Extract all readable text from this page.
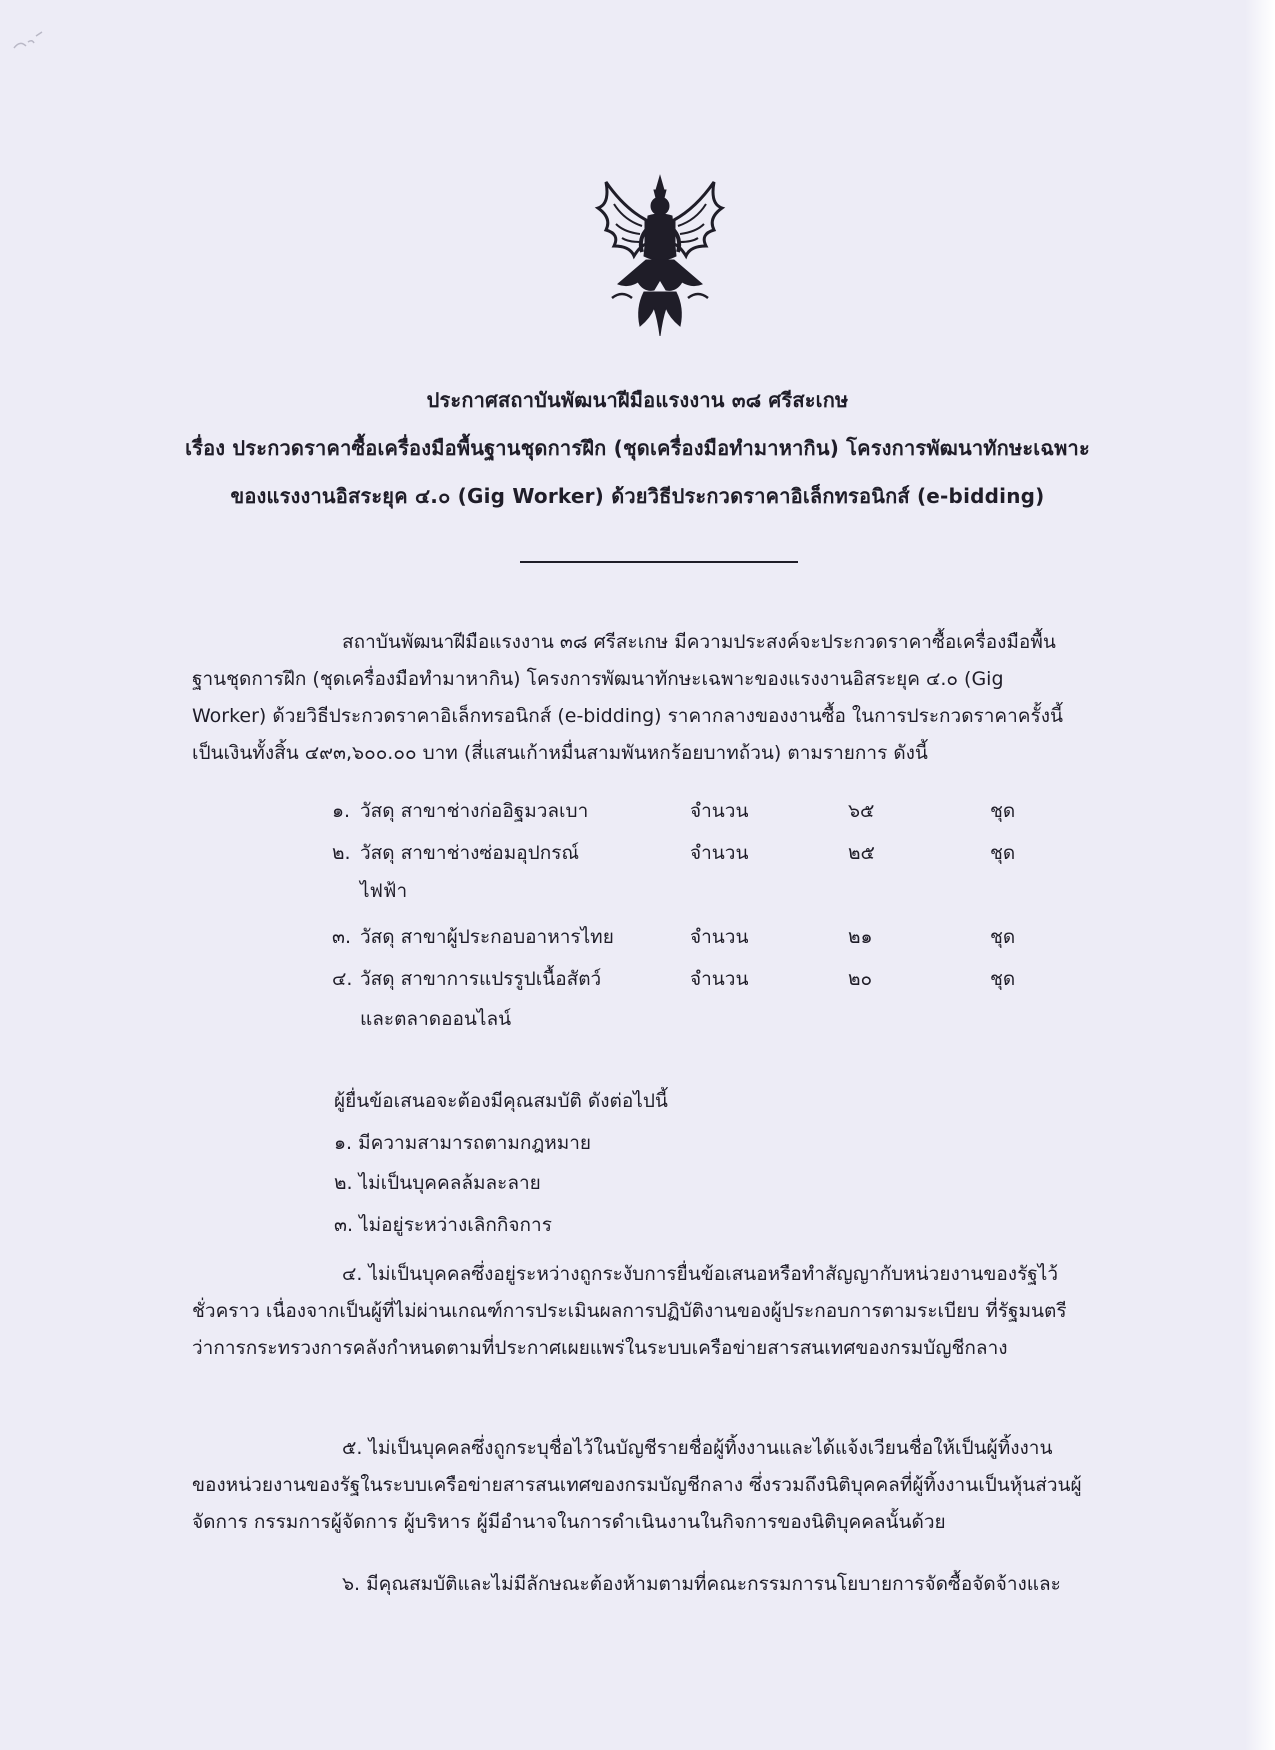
ประกาศสถาบันพัฒนาฝีมือแรงงาน ๓๘ ศรีสะเกษ
เรื่อง ประกวดราคาซื้อเครื่องมือพื้นฐานชุดการฝึก (ชุดเครื่องมือทำมาหากิน) โครงการพัฒนาทักษะเฉพาะ
ของแรงงานอิสระยุค ๔.๐ (Gig Worker) ด้วยวิธีประกวดราคาอิเล็กทรอนิกส์ (e-bidding)
สถาบันพัฒนาฝีมือแรงงาน ๓๘ ศรีสะเกษ มีความประสงค์จะประกวดราคาซื้อเครื่องมือพื้นฐานชุดการฝึก (ชุดเครื่องมือทำมาหากิน) โครงการพัฒนาทักษะเฉพาะของแรงงานอิสระยุค ๔.๐ (Gig Worker) ด้วยวิธีประกวดราคาอิเล็กทรอนิกส์ (e-bidding) ราคากลางของงานซื้อ ในการประกวดราคาครั้งนี้เป็นเงินทั้งสิ้น ๔๙๓,๖๐๐.๐๐ บาท (สี่แสนเก้าหมื่นสามพันหกร้อยบาทถ้วน) ตามรายการ ดังนี้
๑. วัสดุ สาขาช่างก่ออิฐมวลเบา	จำนวน	๖๕	ชุด
๒. วัสดุ สาขาช่างซ่อมอุปกรณ์	จำนวน	๒๕	ชุด
ไฟฟ้า
๓. วัสดุ สาขาผู้ประกอบอาหารไทย	จำนวน	๒๑	ชุด
๔. วัสดุ สาขาการแปรรูปเนื้อสัตว์	จำนวน	๒๐	ชุด
และตลาดออนไลน์
ผู้ยื่นข้อเสนอจะต้องมีคุณสมบัติ ดังต่อไปนี้
๑. มีความสามารถตามกฎหมาย
๒. ไม่เป็นบุคคลล้มละลาย
๓. ไม่อยู่ระหว่างเลิกกิจการ
๔. ไม่เป็นบุคคลซึ่งอยู่ระหว่างถูกระงับการยื่นข้อเสนอหรือทำสัญญากับหน่วยงานของรัฐไว้ชั่วคราว เนื่องจากเป็นผู้ที่ไม่ผ่านเกณฑ์การประเมินผลการปฏิบัติงานของผู้ประกอบการตามระเบียบ ที่รัฐมนตรีว่าการกระทรวงการคลังกำหนดตามที่ประกาศเผยแพร่ในระบบเครือข่ายสารสนเทศของกรมบัญชีกลาง
๕. ไม่เป็นบุคคลซึ่งถูกระบุชื่อไว้ในบัญชีรายชื่อผู้ทิ้งงานและได้แจ้งเวียนชื่อให้เป็นผู้ทิ้งงานของหน่วยงานของรัฐในระบบเครือข่ายสารสนเทศของกรมบัญชีกลาง ซึ่งรวมถึงนิติบุคคลที่ผู้ทิ้งงานเป็นหุ้นส่วนผู้จัดการ กรรมการผู้จัดการ ผู้บริหาร ผู้มีอำนาจในการดำเนินงานในกิจการของนิติบุคคลนั้นด้วย
๖. มีคุณสมบัติและไม่มีลักษณะต้องห้ามตามที่คณะกรรมการนโยบายการจัดซื้อจัดจ้างและ
